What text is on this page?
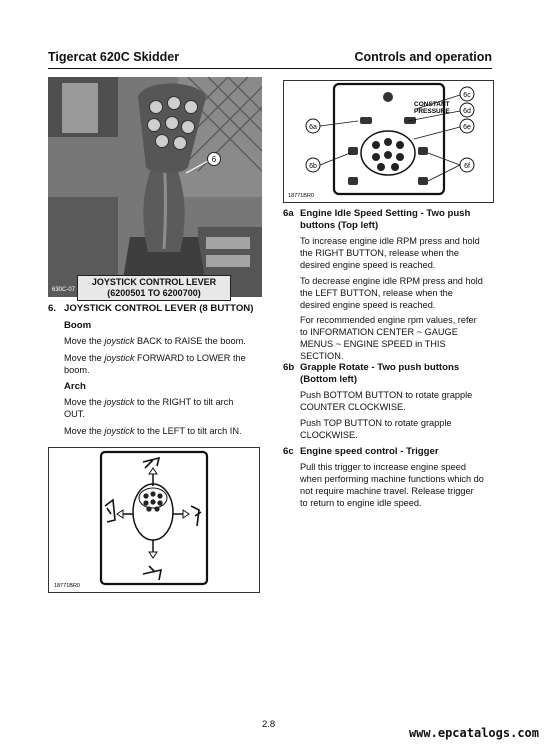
Tigercat 620C Skidder	Controls and operation
6
JOYSTICK CONTROL LEVER
(6200501 TO 6200700)
630C-07
6. JOYSTICK CONTROL LEVER (8 BUTTON)
Boom
Move the joystick BACK to RAISE the boom.
Move the joystick FORWARD to LOWER the
boom.
Arch
Move the joystick to the RIGHT to tilt arch
OUT.
Move the joystick to the LEFT to tilt arch IN.
18771BR0
CONSTANT
PRESSURE
6a
6b
6c
6d
6e
6f
18771BR0
6a Engine Idle Speed Setting - Two push
buttons (Top left)
To increase engine idle RPM press and hold
the RIGHT BUTTON, release when the
desired engine speed is reached.
To decrease engine idle RPM press and hold
the LEFT BUTTON, release when the
desired engine speed is reached.
For recommended engine rpm values, refer
to INFORMATION CENTER ~ GAUGE
MENUS ~ ENGINE SPEED in THIS
SECTION.
6b Grapple Rotate - Two push buttons
(Bottom left)
Push BOTTOM BUTTON to rotate grapple
COUNTER CLOCKWISE.
Push TOP BUTTON to rotate grapple
CLOCKWISE.
6c Engine speed control - Trigger
Pull this trigger to increase engine speed
when performing machine functions which do
not require machine travel. Release trigger
to return to engine idle speed.
2.8
www.epcatalogs.com
